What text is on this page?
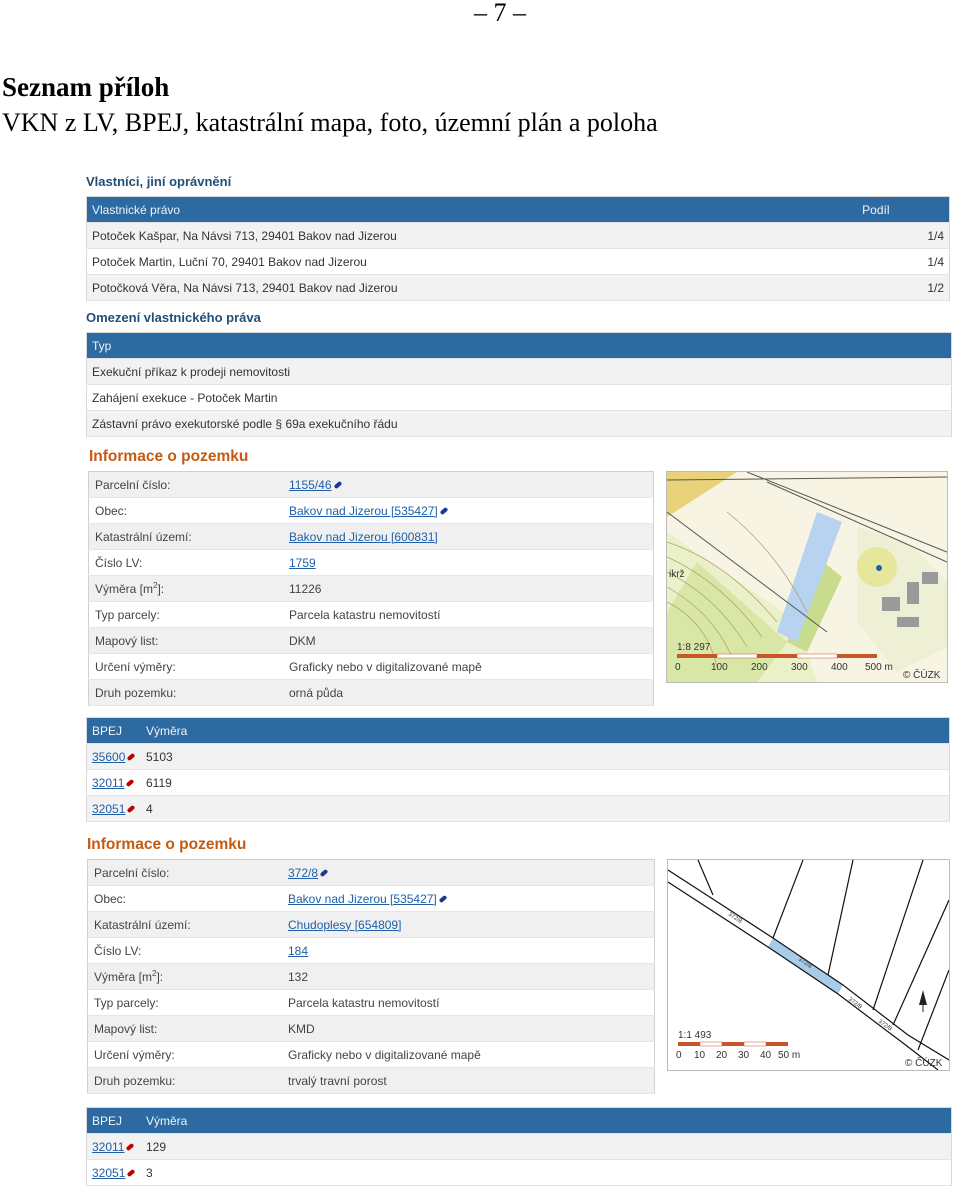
– 7 –
Seznam příloh
VKN z LV, BPEJ, katastrální mapa, foto, územní plán a poloha
Vlastníci, jiní oprávnění
Vlastnické právo	Podíl
Potoček Kašpar, Na Návsi 713, 29401 Bakov nad Jizerou	1/4
Potoček Martin, Luční 70, 29401 Bakov nad Jizerou	1/4
Potočková Věra, Na Návsi 713, 29401 Bakov nad Jizerou	1/2
Omezení vlastnického práva
Typ
Exekuční příkaz k prodeji nemovitosti
Zahájení exekuce - Potoček Martin
Zástavní právo exekutorské podle § 69a exekučního řádu
Informace o pozemku
Parcelní číslo:	1155/46
Obec:	Bakov nad Jizerou [535427]
Katastrální území:	Bakov nad Jizerou [600831]
Číslo LV:	1759
Výměra $[m^2]$:	11226
Typ parcely:	Parcela katastru nemovitostí
Mapový list:	DKM
Určení výměry:	Graficky nebo v digitalizované mapě
Druh pozemku:	orná půda
ikrž
1:8 297
0	100 200 300 400 500 m
© ČÚZK
BPEJ	Výměra
35600	5103
32011	6119
32051	4
Informace o pozemku
Parcelní číslo:	372/8
Obec:	Bakov nad Jizerou [535427]
Katastrální území:	Chudoplesy [654809]
Číslo LV:	184
Výměra $[m^2]$:	132
Typ parcely:	Parcela katastru nemovitostí
Mapový list:	KMD
Určení výměry:	Graficky nebo v digitalizované mapě
Druh pozemku:	trvalý travní porost
372/8
372/8
372/8
372/8
1:1 493
0 10 20 30 40 50 m
© ČÚZK
BPEJ	Výměra
32011	129
32051	3
